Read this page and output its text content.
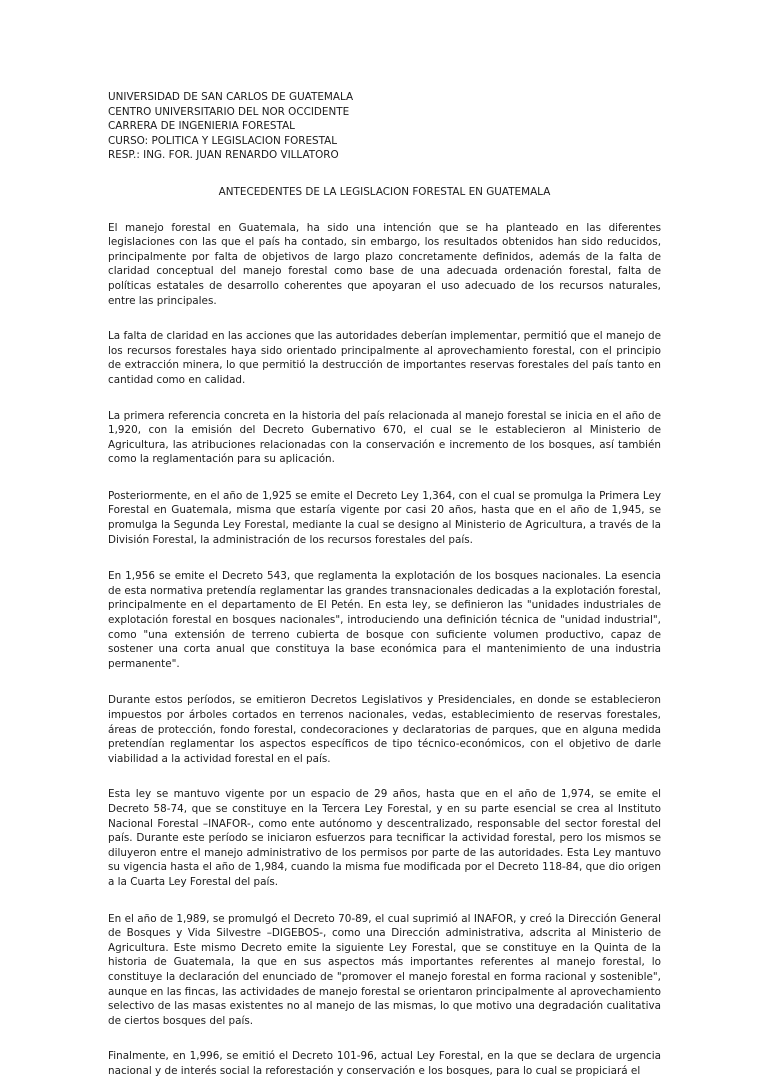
UNIVERSIDAD DE SAN CARLOS DE GUATEMALA

CENTRO UNIVERSITARIO DEL NOR OCCIDENTE

CARRERA DE INGENIERIA FORESTAL

CURSO: POLITICA Y LEGISLACION FORESTAL

RESP.: ING. FOR. JUAN RENARDO VILLATORO

ANTECEDENTES DE LA LEGISLACION FORESTAL EN GUATEMALA

El manejo forestal en Guatemala, ha sido una intención que se ha planteado en las diferentes legislaciones con las que el país ha contado, sin embargo, los resultados obtenidos han sido reducidos, principalmente por falta de objetivos de largo plazo concretamente definidos, además de la falta de claridad conceptual del manejo forestal como base de una adecuada ordenación forestal, falta de políticas estatales de desarrollo coherentes que apoyaran el uso adecuado de los recursos naturales, entre las principales.

La falta de claridad en las acciones que las autoridades deberían implementar, permitió que el manejo de los recursos forestales haya sido orientado principalmente al aprovechamiento forestal, con el principio de extracción minera, lo que permitió la destrucción de importantes reservas forestales del país tanto en cantidad como en calidad.

La primera referencia concreta en la historia del país relacionada al manejo forestal se inicia en el año de 1,920, con la emisión del Decreto Gubernativo 670, el cual se le establecieron al Ministerio de Agricultura, las atribuciones relacionadas con la conservación e incremento de los bosques, así también como la reglamentación para su aplicación.

Posteriormente, en el año de 1,925 se emite el Decreto Ley 1,364, con el cual se promulga la Primera Ley Forestal en Guatemala, misma que estaría vigente por casi 20 años, hasta que en el año de 1,945, se promulga la Segunda Ley Forestal, mediante la cual se designo al Ministerio de Agricultura, a través de la División Forestal, la administración de los recursos forestales del país.

En 1,956 se emite el Decreto 543, que reglamenta la explotación de los bosques nacionales. La esencia de esta normativa pretendía reglamentar las grandes transnacionales dedicadas a la explotación forestal, principalmente en el departamento de El Petén. En esta ley, se definieron las "unidades industriales de explotación forestal en bosques nacionales", introduciendo una definición técnica de "unidad industrial", como "una extensión de terreno cubierta de bosque con suficiente volumen productivo, capaz de sostener una corta anual que constituya la base económica para el mantenimiento de una industria permanente".

Durante estos períodos, se emitieron Decretos Legislativos y Presidenciales, en donde se establecieron impuestos por árboles cortados en terrenos nacionales, vedas, establecimiento de reservas forestales, áreas de protección, fondo forestal, condecoraciones y declaratorias de parques, que en alguna medida pretendían reglamentar los aspectos específicos de tipo técnico-económicos, con el objetivo de darle viabilidad a la actividad forestal en el país.

Esta ley se mantuvo vigente por un espacio de 29 años, hasta que en el año de 1,974, se emite el Decreto 58-74, que se constituye en la Tercera Ley Forestal, y en su parte esencial se crea al Instituto Nacional Forestal –INAFOR-, como ente autónomo y descentralizado, responsable del sector forestal del país. Durante este período se iniciaron esfuerzos para tecnificar la actividad forestal, pero los mismos se diluyeron entre el manejo administrativo de los permisos por parte de las autoridades. Esta Ley mantuvo su vigencia hasta el año de 1,984, cuando la misma fue modificada por el Decreto 118-84, que dio origen a la Cuarta Ley Forestal del país.

En el año de 1,989, se promulgó el Decreto 70-89, el cual suprimió al INAFOR, y creó la Dirección General de Bosques y Vida Silvestre –DIGEBOS-, como una Dirección administrativa, adscrita al Ministerio de Agricultura. Este mismo Decreto emite la siguiente Ley Forestal, que se constituye en la Quinta de la historia de Guatemala, la que en sus aspectos más importantes referentes al manejo forestal, lo constituye la declaración del enunciado de "promover el manejo forestal en forma racional y sostenible", aunque en las fincas, las actividades de manejo forestal se orientaron principalmente al aprovechamiento selectivo de las masas existentes no al manejo de las mismas, lo que motivo una degradación cualitativa de ciertos bosques del país.

Finalmente, en 1,996, se emitió el Decreto 101-96, actual Ley Forestal, en la que se declara de urgencia nacional y de interés social la reforestación y conservación e los bosques, para lo cual se propiciará el
